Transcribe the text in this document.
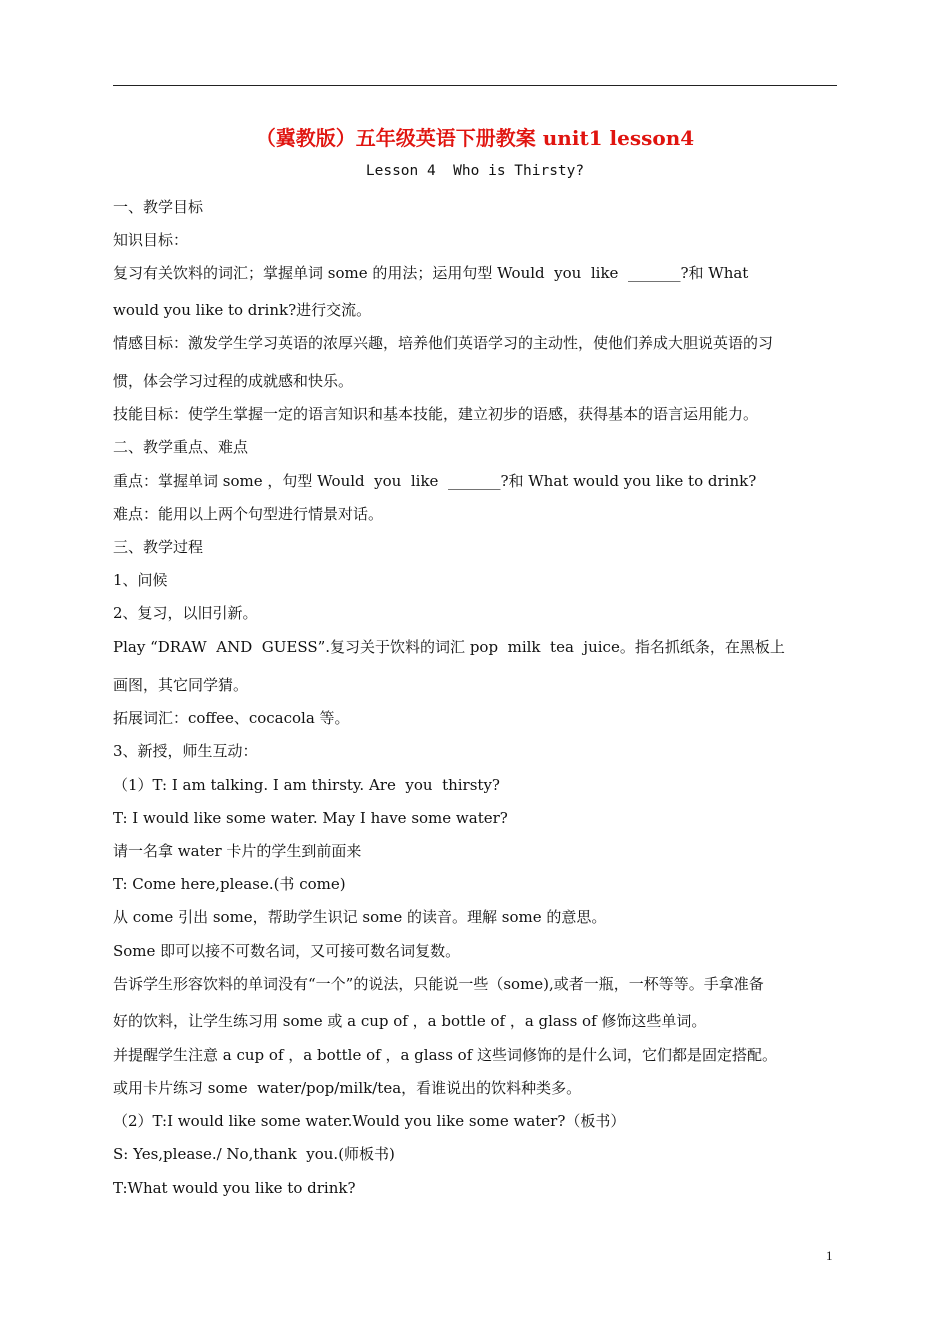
（冀教版）五年级英语下册教案 unit1 lesson4
Lesson 4  Who is Thirsty?
一、教学目标
知识目标：
复习有关饮料的词汇；掌握单词 some 的用法；运用句型 Would  you  like  _______?和 What
would you like to drink?进行交流。
情感目标：激发学生学习英语的浓厚兴趣，培养他们英语学习的主动性，使他们养成大胆说英语的习
惯，体会学习过程的成就感和快乐。
技能目标：使学生掌握一定的语言知识和基本技能，建立初步的语感，获得基本的语言运用能力。
二、教学重点、难点
重点：掌握单词 some ，句型 Would  you  like  _______?和 What would you like to drink?
难点：能用以上两个句型进行情景对话。
三、教学过程
1、问候
2、复习，以旧引新。
Play “DRAW  AND  GUESS”.复习关于饮料的词汇 pop  milk  tea  juice。指名抓纸条，在黑板上
画图，其它同学猜。
拓展词汇：coffee、cocacola 等。
3、新授，师生互动：
（1）T: I am talking. I am thirsty. Are  you  thirsty?
T: I would like some water. May I have some water?
请一名拿 water 卡片的学生到前面来
T: Come here,please.(书 come)
从 come 引出 some，帮助学生识记 some 的读音。理解 some 的意思。
Some 即可以接不可数名词，又可接可数名词复数。
告诉学生形容饮料的单词没有“一个”的说法，只能说一些（some),或者一瓶，一杯等等。手拿准备
好的饮料，让学生练习用 some 或 a cup of ，a bottle of ，a glass of 修饰这些单词。
并提醒学生注意 a cup of ，a bottle of ，a glass of 这些词修饰的是什么词，它们都是固定搭配。
或用卡片练习 some  water/pop/milk/tea，看谁说出的饮料种类多。
（2）T:I would like some water.Would you like some water?（板书）
S: Yes,please./ No,thank  you.(师板书)
T:What would you like to drink?
1
